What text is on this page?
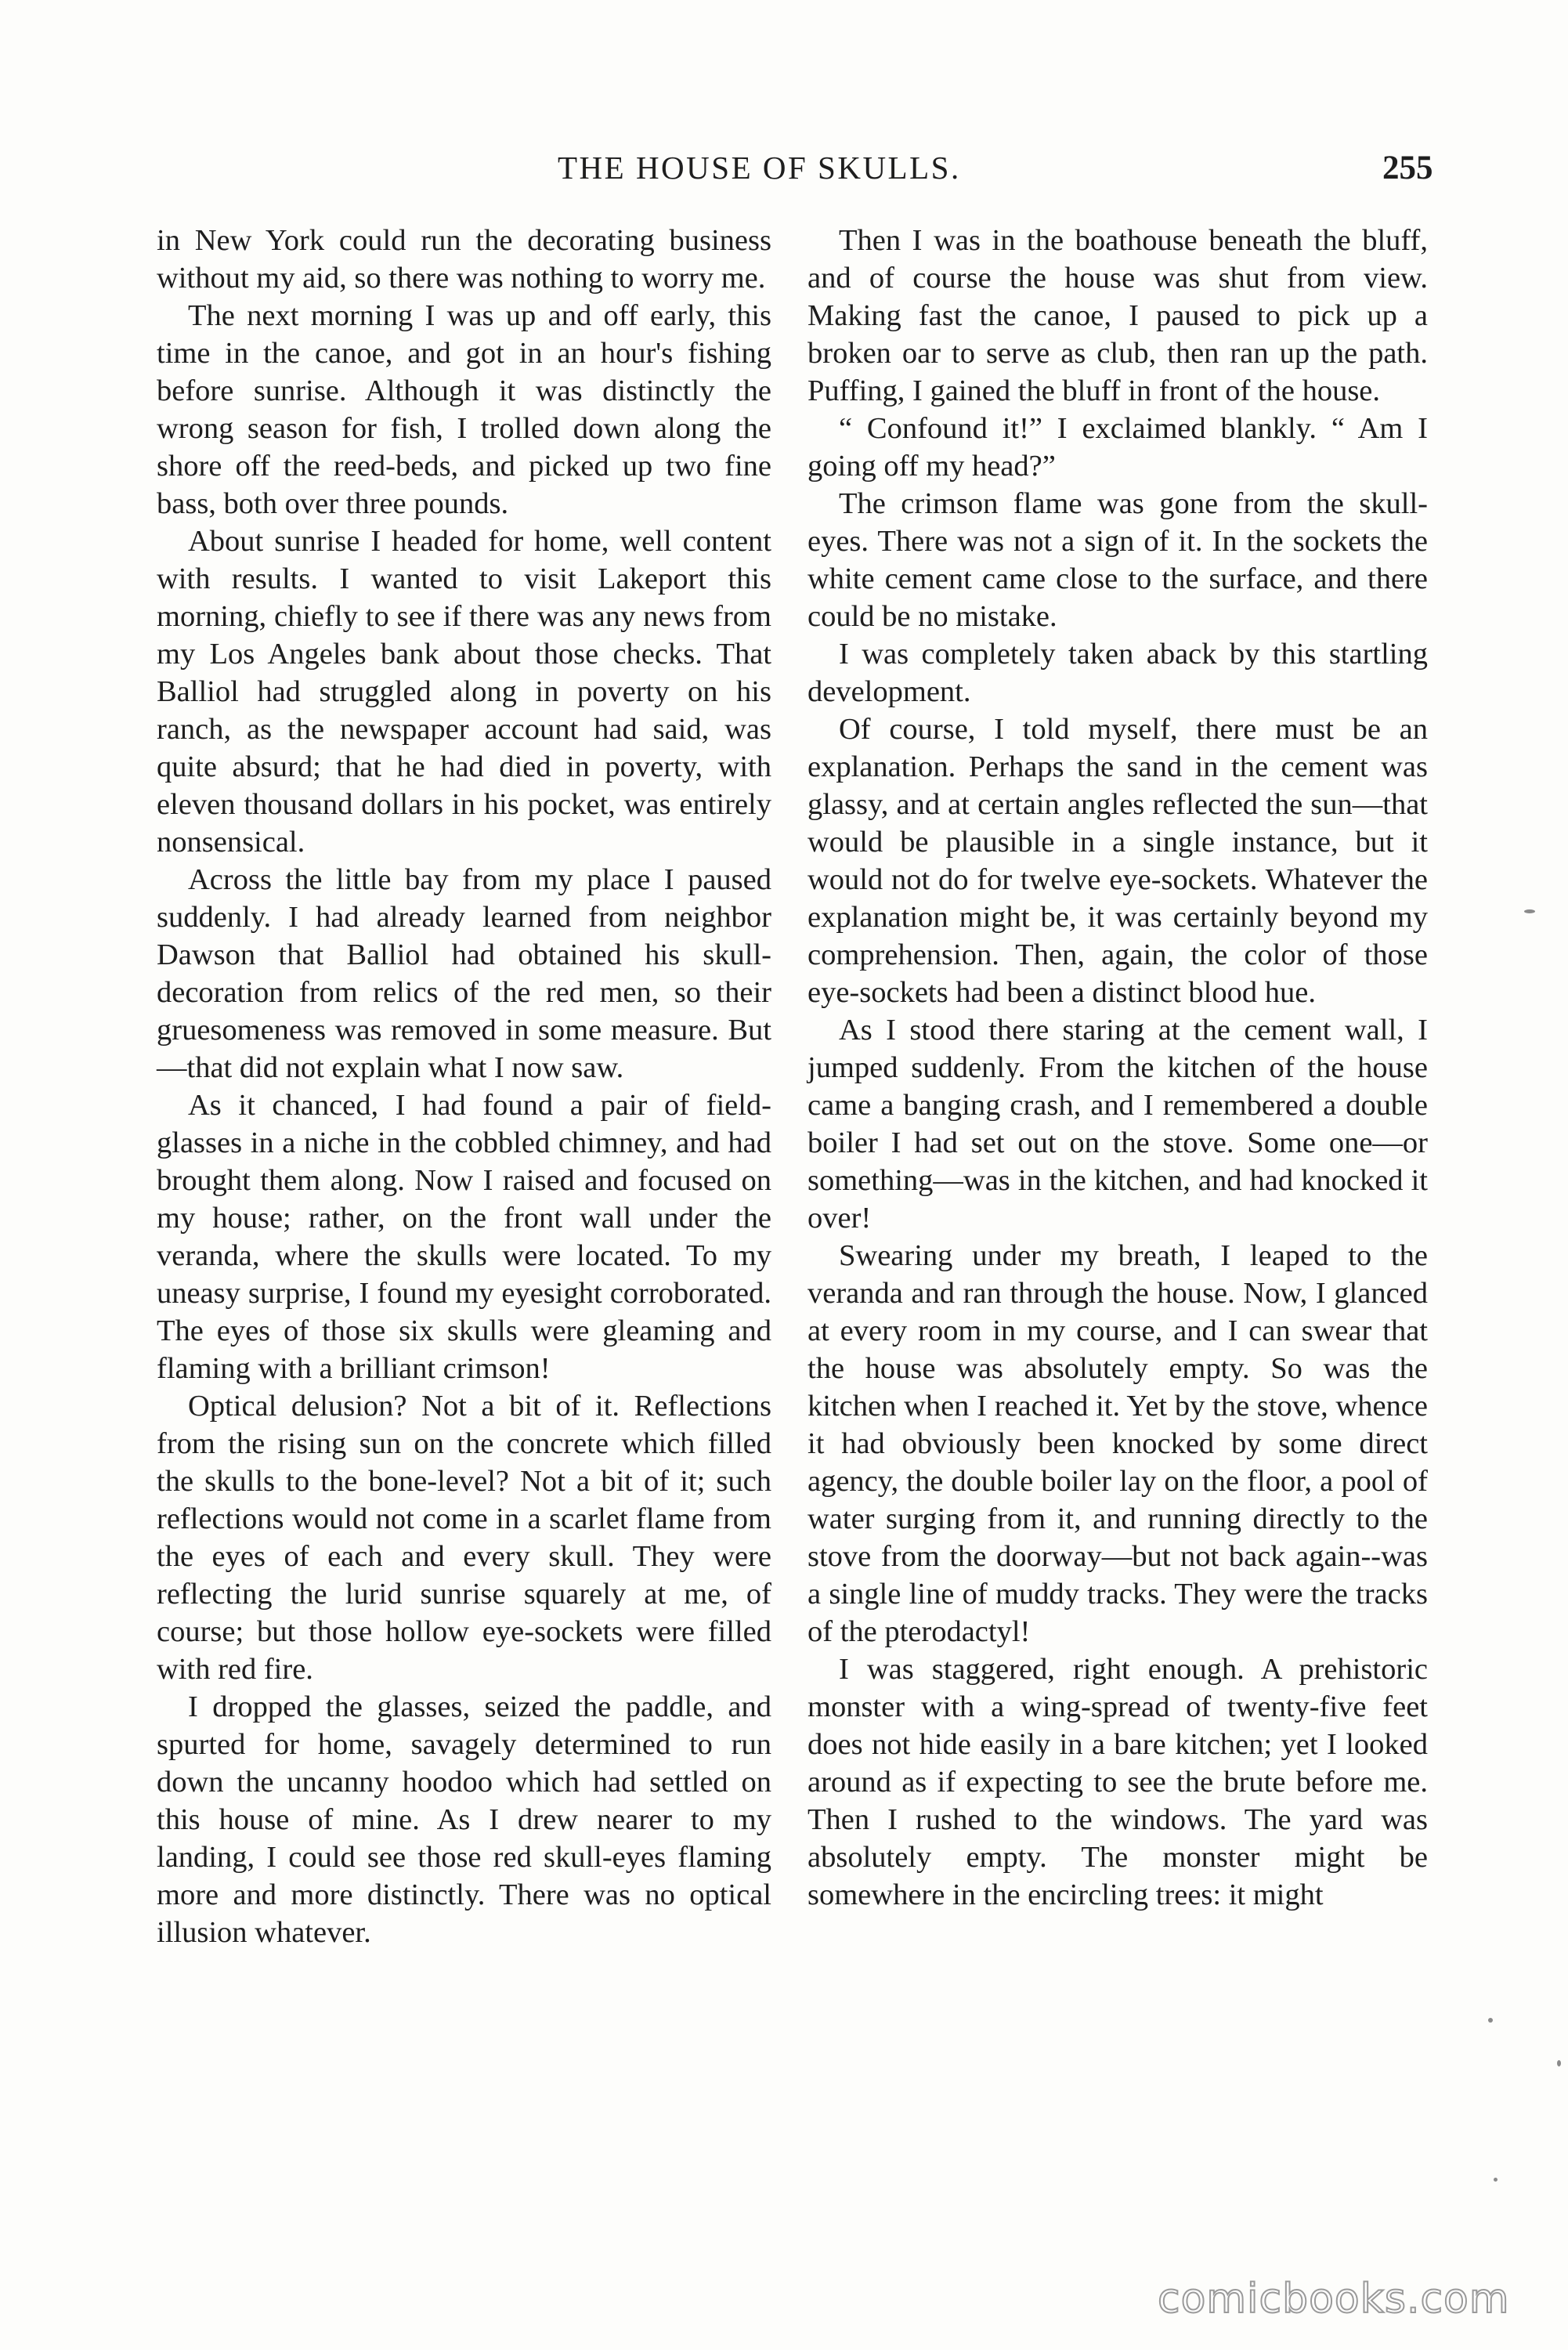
THE HOUSE OF SKULLS.	255

in New York could run the decorating business without my aid, so there was nothing to worry me.

The next morning I was up and off early, this time in the canoe, and got in an hour's fishing before sunrise. Although it was distinctly the wrong season for fish, I trolled down along the shore off the reed-beds, and picked up two fine bass, both over three pounds.

About sunrise I headed for home, well content with results. I wanted to visit Lakeport this morning, chiefly to see if there was any news from my Los Angeles bank about those checks. That Balliol had struggled along in poverty on his ranch, as the newspaper account had said, was quite absurd; that he had died in poverty, with eleven thousand dollars in his pocket, was entirely nonsensical.

Across the little bay from my place I paused suddenly. I had already learned from neighbor Dawson that Balliol had obtained his skull-decoration from relics of the red men, so their gruesomeness was removed in some measure. But—that did not explain what I now saw.

As it chanced, I had found a pair of field-glasses in a niche in the cobbled chimney, and had brought them along. Now I raised and focused on my house; rather, on the front wall under the veranda, where the skulls were located. To my uneasy surprise, I found my eyesight corroborated. The eyes of those six skulls were gleaming and flaming with a brilliant crimson!

Optical delusion? Not a bit of it. Reflections from the rising sun on the concrete which filled the skulls to the bone-level? Not a bit of it; such reflections would not come in a scarlet flame from the eyes of each and every skull. They were reflecting the lurid sunrise squarely at me, of course; but those hollow eye-sockets were filled with red fire.

I dropped the glasses, seized the paddle, and spurted for home, savagely determined to run down the uncanny hoodoo which had settled on this house of mine. As I drew nearer to my landing, I could see those red skull-eyes flaming more and more distinctly. There was no optical illusion whatever.

Then I was in the boathouse beneath the bluff, and of course the house was shut from view. Making fast the canoe, I paused to pick up a broken oar to serve as club, then ran up the path. Puffing, I gained the bluff in front of the house.

“ Confound it!” I exclaimed blankly. “ Am I going off my head?”

The crimson flame was gone from the skull-eyes. There was not a sign of it. In the sockets the white cement came close to the surface, and there could be no mistake.

I was completely taken aback by this startling development.

Of course, I told myself, there must be an explanation. Perhaps the sand in the cement was glassy, and at certain angles reflected the sun—that would be plausible in a single instance, but it would not do for twelve eye-sockets. Whatever the explanation might be, it was certainly beyond my comprehension. Then, again, the color of those eye-sockets had been a distinct blood hue.

As I stood there staring at the cement wall, I jumped suddenly. From the kitchen of the house came a banging crash, and I remembered a double boiler I had set out on the stove. Some one—or something—was in the kitchen, and had knocked it over!

Swearing under my breath, I leaped to the veranda and ran through the house. Now, I glanced at every room in my course, and I can swear that the house was absolutely empty. So was the kitchen when I reached it. Yet by the stove, whence it had obviously been knocked by some direct agency, the double boiler lay on the floor, a pool of water surging from it, and running directly to the stove from the doorway—but not back again--was a single line of muddy tracks. They were the tracks of the pterodactyl!

I was staggered, right enough. A prehistoric monster with a wing-spread of twenty-five feet does not hide easily in a bare kitchen; yet I looked around as if expecting to see the brute before me. Then I rushed to the windows. The yard was absolutely empty. The monster might be somewhere in the encircling trees: it might

comicbooks.com
